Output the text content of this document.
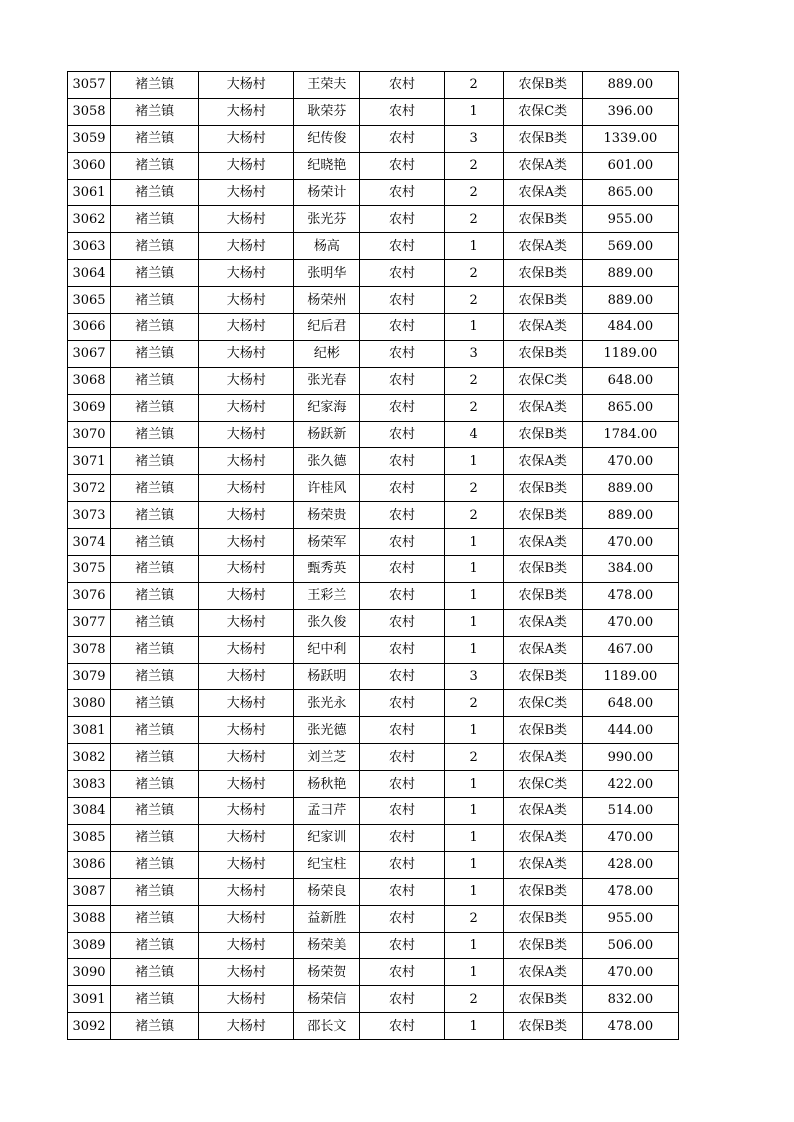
3057	褚兰镇	大杨村	王荣夫	农村	2	农保B类	889.00
3058	褚兰镇	大杨村	耿荣芬	农村	1	农保C类	396.00
3059	褚兰镇	大杨村	纪传俊	农村	3	农保B类	1339.00
3060	褚兰镇	大杨村	纪晓艳	农村	2	农保A类	601.00
3061	褚兰镇	大杨村	杨荣计	农村	2	农保A类	865.00
3062	褚兰镇	大杨村	张光芬	农村	2	农保B类	955.00
3063	褚兰镇	大杨村	杨高	农村	1	农保A类	569.00
3064	褚兰镇	大杨村	张明华	农村	2	农保B类	889.00
3065	褚兰镇	大杨村	杨荣州	农村	2	农保B类	889.00
3066	褚兰镇	大杨村	纪后君	农村	1	农保A类	484.00
3067	褚兰镇	大杨村	纪彬	农村	3	农保B类	1189.00
3068	褚兰镇	大杨村	张光春	农村	2	农保C类	648.00
3069	褚兰镇	大杨村	纪家海	农村	2	农保A类	865.00
3070	褚兰镇	大杨村	杨跃新	农村	4	农保B类	1784.00
3071	褚兰镇	大杨村	张久德	农村	1	农保A类	470.00
3072	褚兰镇	大杨村	许桂风	农村	2	农保B类	889.00
3073	褚兰镇	大杨村	杨荣贵	农村	2	农保B类	889.00
3074	褚兰镇	大杨村	杨荣军	农村	1	农保A类	470.00
3075	褚兰镇	大杨村	甄秀英	农村	1	农保B类	384.00
3076	褚兰镇	大杨村	王彩兰	农村	1	农保B类	478.00
3077	褚兰镇	大杨村	张久俊	农村	1	农保A类	470.00
3078	褚兰镇	大杨村	纪中利	农村	1	农保A类	467.00
3079	褚兰镇	大杨村	杨跃明	农村	3	农保B类	1189.00
3080	褚兰镇	大杨村	张光永	农村	2	农保C类	648.00
3081	褚兰镇	大杨村	张光德	农村	1	农保B类	444.00
3082	褚兰镇	大杨村	刘兰芝	农村	2	农保A类	990.00
3083	褚兰镇	大杨村	杨秋艳	农村	1	农保C类	422.00
3084	褚兰镇	大杨村	孟彐芹	农村	1	农保A类	514.00
3085	褚兰镇	大杨村	纪家训	农村	1	农保A类	470.00
3086	褚兰镇	大杨村	纪宝柱	农村	1	农保A类	428.00
3087	褚兰镇	大杨村	杨荣良	农村	1	农保B类	478.00
3088	褚兰镇	大杨村	益新胜	农村	2	农保B类	955.00
3089	褚兰镇	大杨村	杨荣美	农村	1	农保B类	506.00
3090	褚兰镇	大杨村	杨荣贺	农村	1	农保A类	470.00
3091	褚兰镇	大杨村	杨荣信	农村	2	农保B类	832.00
3092	褚兰镇	大杨村	邵长文	农村	1	农保B类	478.00
